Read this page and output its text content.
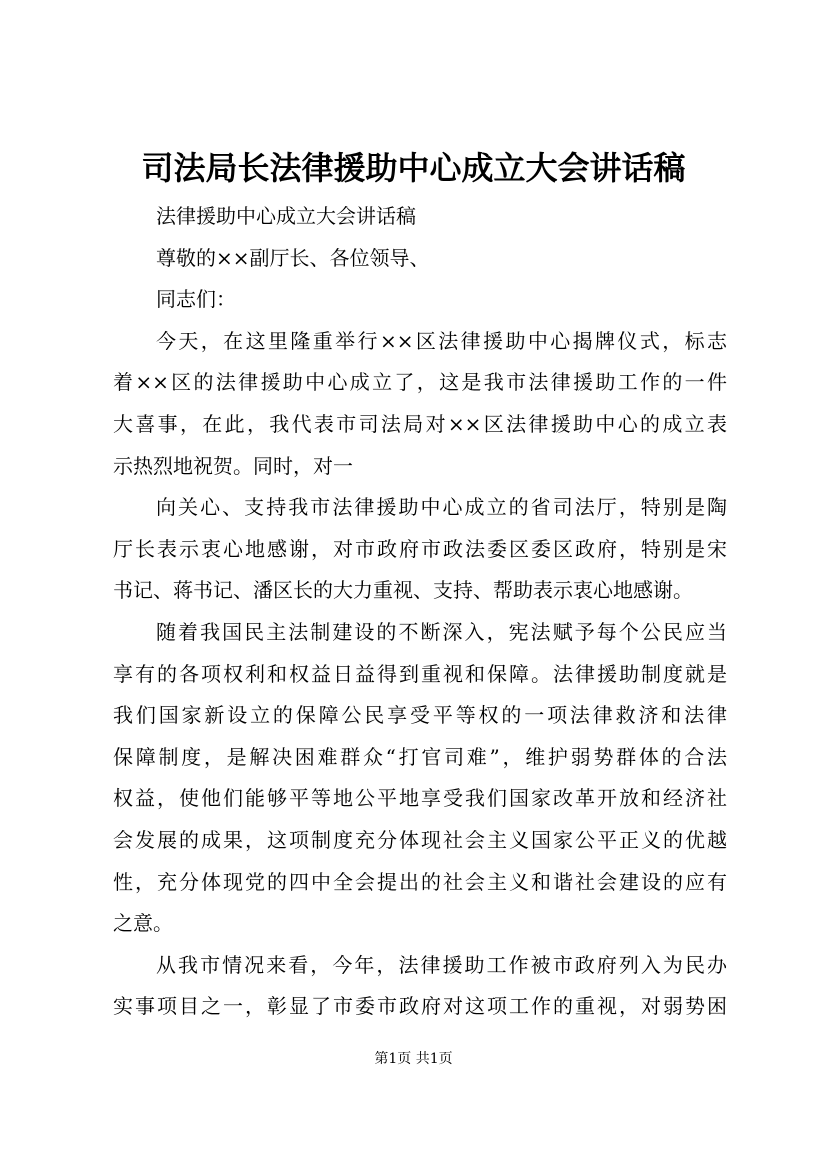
司法局长法律援助中心成立大会讲话稿
法律援助中心成立大会讲话稿
尊敬的××副厅长、各位领导、
同志们：
今天，在这里隆重举行××区法律援助中心揭牌仪式，标志
着××区的法律援助中心成立了，这是我市法律援助工作的一件
大喜事，在此，我代表市司法局对××区法律援助中心的成立表
示热烈地祝贺。同时，对一
向关心、支持我市法律援助中心成立的省司法厅，特别是陶
厅长表示衷心地感谢，对市政府市政法委区委区政府，特别是宋
书记、蒋书记、潘区长的大力重视、支持、帮助表示衷心地感谢。
随着我国民主法制建设的不断深入，宪法赋予每个公民应当
享有的各项权利和权益日益得到重视和保障。法律援助制度就是
我们国家新设立的保障公民享受平等权的一项法律救济和法律
保障制度，是解决困难群众“打官司难”，维护弱势群体的合法
权益，使他们能够平等地公平地享受我们国家改革开放和经济社
会发展的成果，这项制度充分体现社会主义国家公平正义的优越
性，充分体现党的四中全会提出的社会主义和谐社会建设的应有
之意。
从我市情况来看，今年，法律援助工作被市政府列入为民办
实事项目之一，彰显了市委市政府对这项工作的重视，对弱势困
第1页 共1页
